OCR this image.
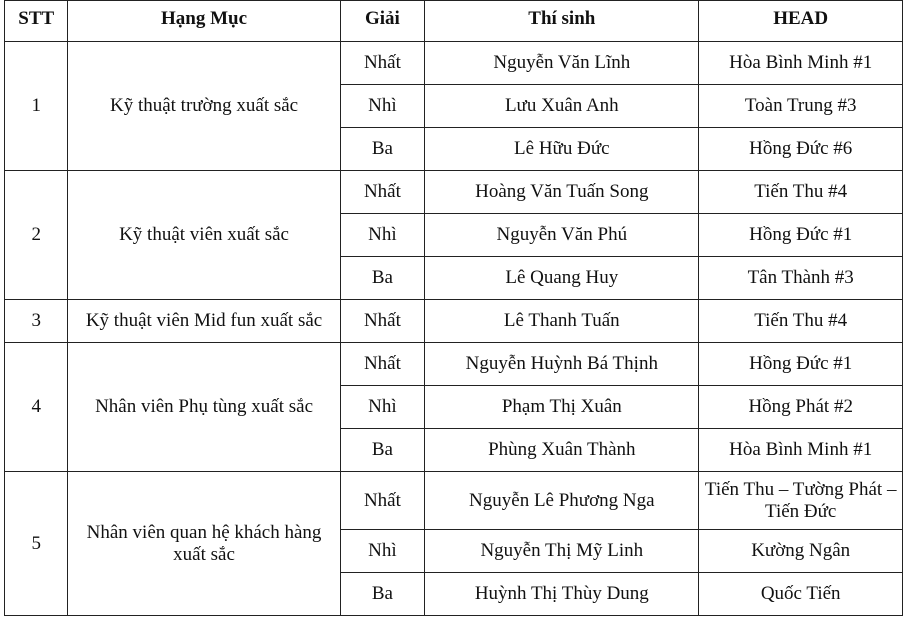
STT	Hạng Mục	Giải	Thí sinh	HEAD
1	Kỹ thuật trường xuất sắc	Nhất	Nguyễn Văn Lĩnh	Hòa Bình Minh #1
		Nhì	Lưu Xuân Anh	Toàn Trung #3
		Ba	Lê Hữu Đức	Hồng Đức #6
2	Kỹ thuật viên xuất sắc	Nhất	Hoàng Văn Tuấn Song	Tiến Thu #4
		Nhì	Nguyễn Văn Phú	Hồng Đức #1
		Ba	Lê Quang Huy	Tân Thành #3
3	Kỹ thuật viên Mid fun xuất sắc	Nhất	Lê Thanh Tuấn	Tiến Thu #4
4	Nhân viên Phụ tùng xuất sắc	Nhất	Nguyễn Huỳnh Bá Thịnh	Hồng Đức #1
		Nhì	Phạm Thị Xuân	Hồng Phát #2
		Ba	Phùng Xuân Thành	Hòa Bình Minh #1
5	Nhân viên quan hệ khách hàng xuất sắc	Nhất	Nguyễn Lê Phương Nga	Tiến Thu – Tường Phát – Tiến Đức
		Nhì	Nguyễn Thị Mỹ Linh	Kường Ngân
		Ba	Huỳnh Thị Thùy Dung	Quốc Tiến
